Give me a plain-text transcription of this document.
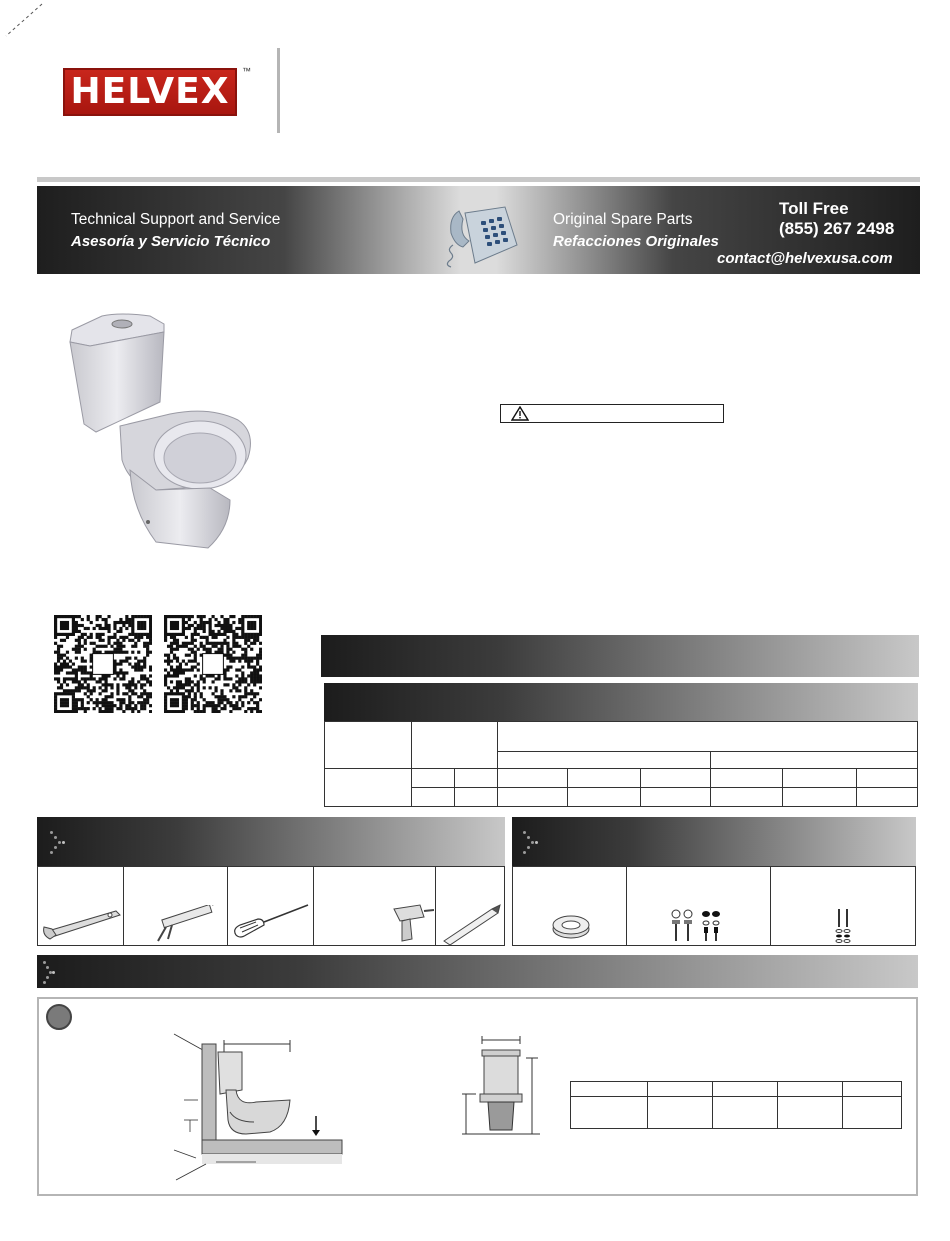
HELVEX ™
Technical Support and Service
Asesoría y Servicio Técnico
Original Spare Parts
Refacciones Originales
Toll Free
(855) 267 2498
contact@helvexusa.com
